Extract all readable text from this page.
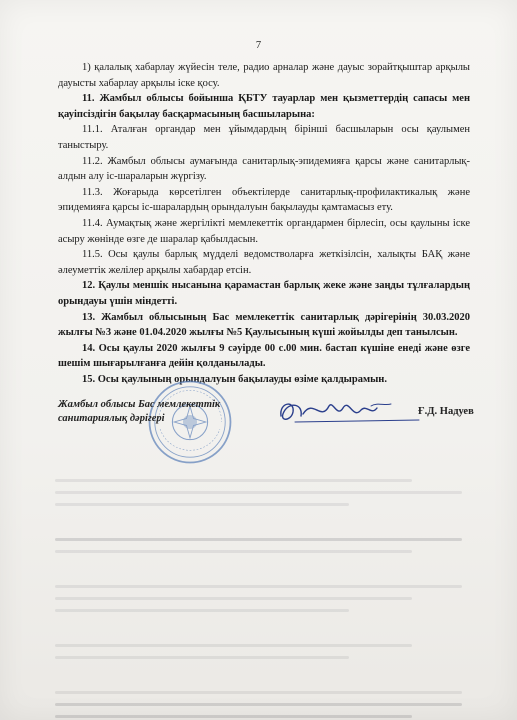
7

1) қалалық хабарлау жүйесін теле, радио арналар және дауыс зорайтқыштар арқылы дауысты хабарлау арқылы іске қосу.

11. Жамбыл облысы бойынша ҚБТУ тауарлар мен қызметтердің сапасы мен қауіпсіздігін бақылау басқармасының басшыларына:

11.1. Аталған органдар мен ұйымдардың бірінші басшыларын осы қаулымен таныстыру.

11.2. Жамбыл облысы аумағында санитарлық-эпидемияға қарсы және санитарлық-алдын алу іс-шараларын жүргізу.

11.3. Жоғарыда көрсетілген объектілерде санитарлық-профилактикалық және эпидемияға қарсы іс-шаралардың орындалуын бақылауды қамтамасыз ету.

11.4. Аумақтық және жергілікті мемлекеттік органдармен бірлесіп, осы қаулыны іске асыру жөнінде өзге де шаралар қабылдасын.

11.5. Осы қаулы барлық мүдделі ведомстволарға жеткізілсін, халықты БАҚ және әлеуметтік желілер арқылы хабардар етсін.

12. Қаулы меншік нысанына қарамастан барлық жеке және заңды тұлғалардың орындауы үшін міндетті.

13. Жамбыл облысының Бас мемлекеттік санитарлық дәрігерінің 30.03.2020 жылғы №3 және 01.04.2020 жылғы №5 Қаулысының күші жойылды деп танылсын.

14. Осы қаулы 2020 жылғы 9 сәуірде 00 с.00 мин. бастап күшіне енеді және өзге шешім шығарылғанға дейін қолданылады.

15. Осы қаулының орындалуын бақылауды өзіме қалдырамын.

Жамбыл облысы Бас мемлекеттік
санитариялық дәрігері
Ғ.Д. Надуев
